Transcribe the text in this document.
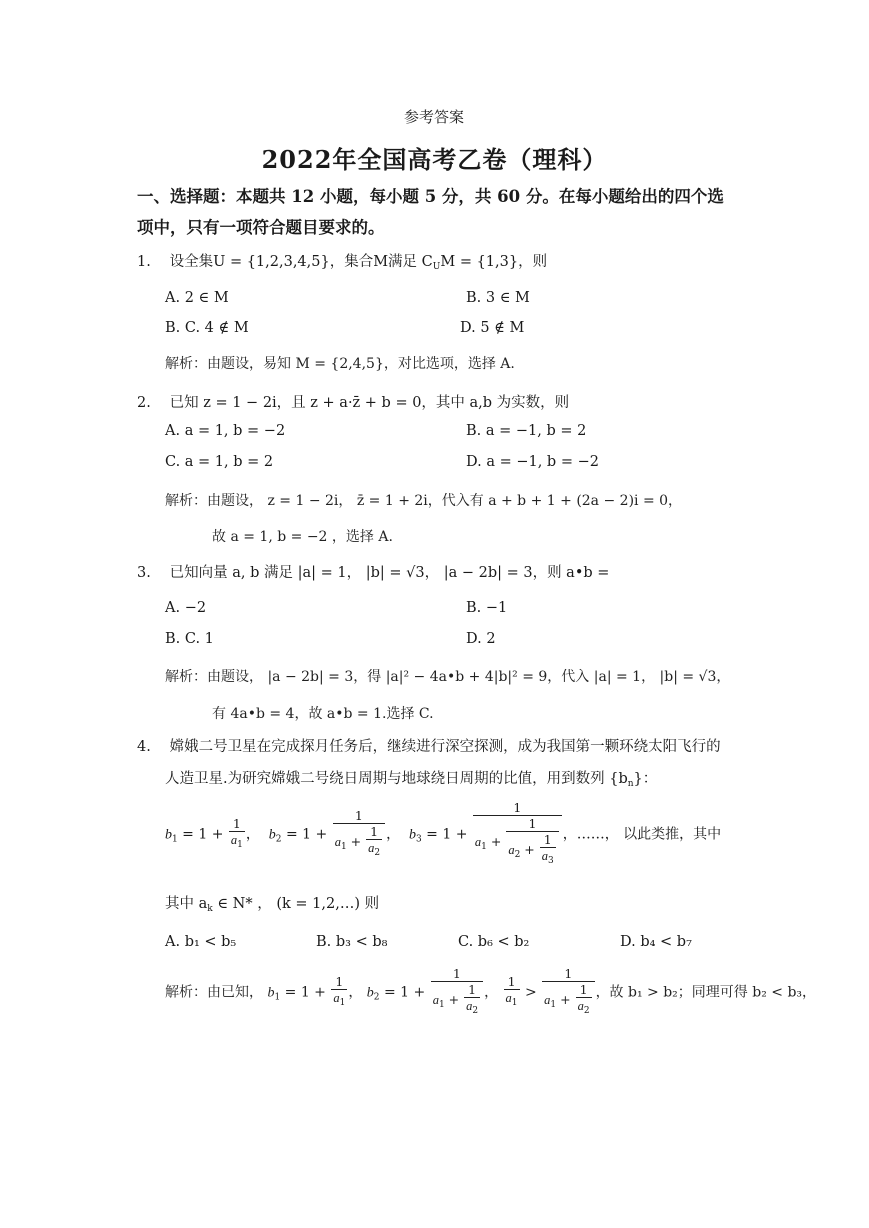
参考答案
2022年全国高考乙卷（理科）
一、选择题：本题共 12 小题，每小题 5 分，共 60 分。在每小题给出的四个选
项中，只有一项符合题目要求的。
1. 设全集U = {1,2,3,4,5}，集合M满足 $C_UM = \{1,3\}$，则
A. 2 ∈ M	B. 3 ∈ M
B. C. 4 ∉ M	D. 5 ∉ M
解析：由题设，易知 M = {2,4,5}，对比选项，选择 A.
2. 已知 z = 1 − 2i，且 z + a·z̄ + b = 0，其中 a,b 为实数，则
A. a = 1, b = −2	B. a = −1, b = 2
C. a = 1, b = 2	D. a = −1, b = −2
解析：由题设， z = 1 − 2i， z̄ = 1 + 2i，代入有 a + b + 1 + (2a − 2)i = 0，
故 a = 1, b = −2 ，选择 A.
3. 已知向量 a, b 满足 |a| = 1， |b| = √3， |a − 2b| = 3，则 a•b =
A. −2	B. −1
B. C. 1	D. 2
解析：由题设， |a − 2b| = 3，得 |a|² − 4a•b + 4|b|² = 9，代入 |a| = 1， |b| = √3，
有 4a•b = 4，故 a•b = 1.选择 C.
4. 嫦娥二号卫星在完成探月任务后，继续进行深空探测，成为我国第一颗环绕太阳飞行的
人造卫星.为研究嫦娥二号绕日周期与地球绕日周期的比值，用到数列 $\{b_n\}$：
$b_1 = 1 + \frac{1}{a_1}$ ，  $b_2 = 1 + \frac{1}{a_1 + \frac{1}{a_2}}$ ，  $b_3 = 1 + \frac{1}{a_1 + \frac{1}{a_2 + \frac{1}{a_3}}}$ ，……， 以此类推，其中
其中 $a_k$ ∈ N* ， (k = 1,2,…) 则
A. b₁ < b₅	B. b₃ < b₈	C. b₆ < b₂	D. b₄ < b₇
解析：由已知， $b_1 = 1 + \frac{1}{a_1}$ ， $b_2 = 1 + \frac{1}{a_1 + \frac{1}{a_2}}$ ， $\frac{1}{a_1} > \frac{1}{a_1 + \frac{1}{a_2}}$ ，故 b₁ > b₂；同理可得 b₂ < b₃，
